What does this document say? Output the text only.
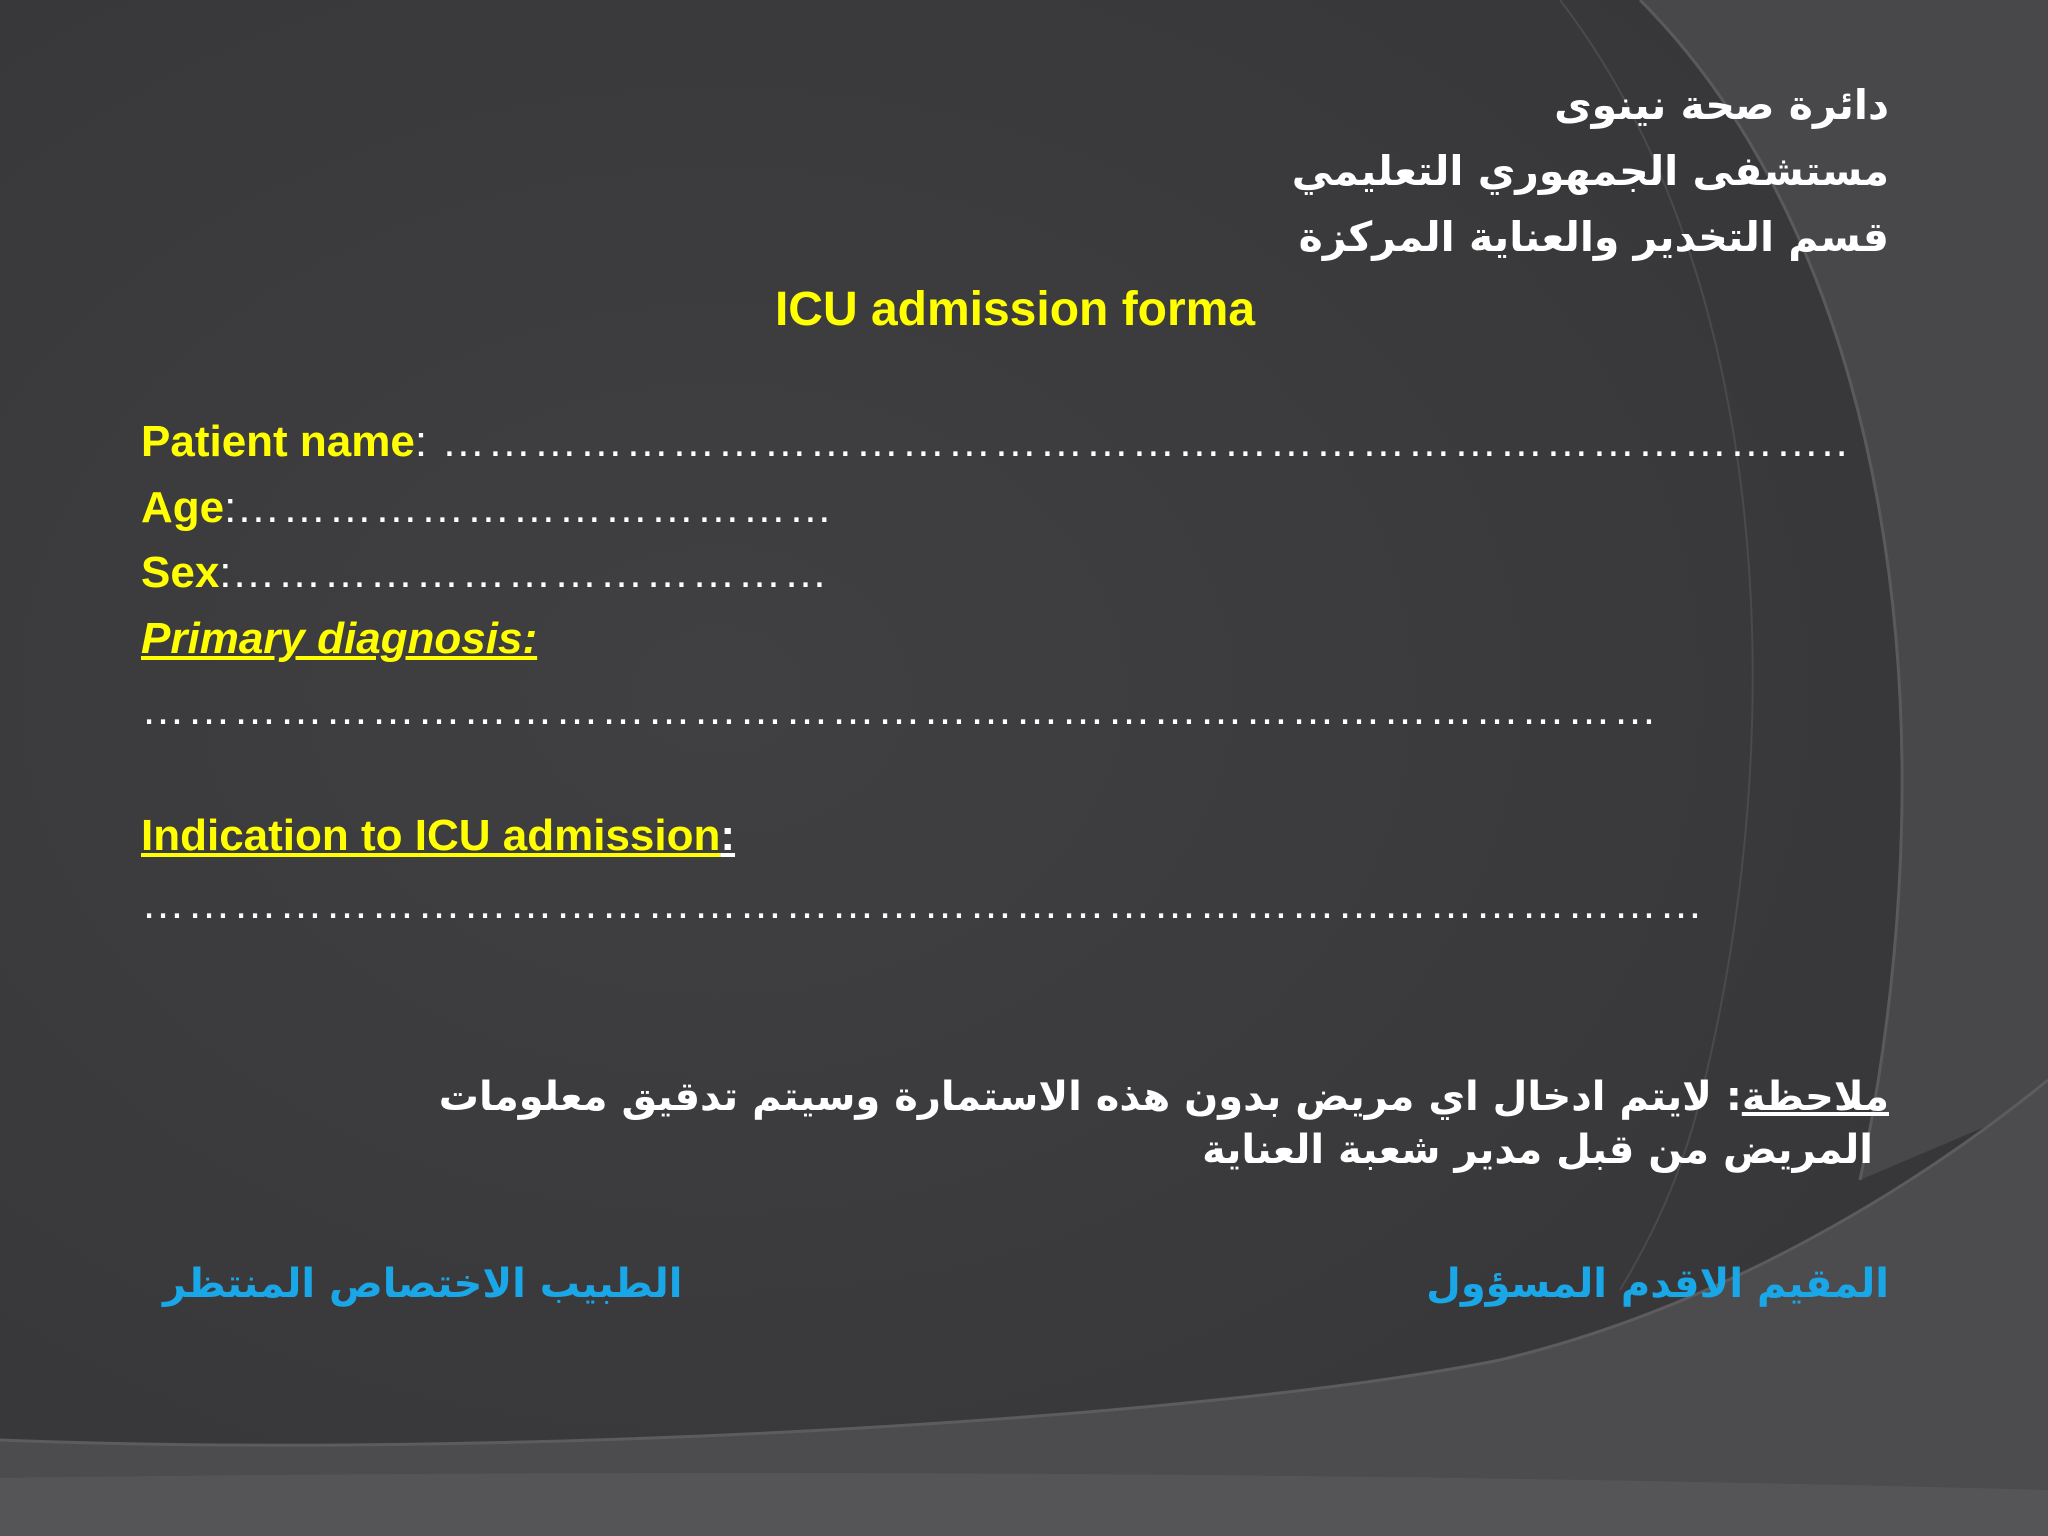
دائرة صحة نينوى
مستشفى الجمهوري التعليمي
قسم التخدير والعناية المركزة
ICU admission forma
Patient name: ………………………………………………………………………………..
Age:…………………………………
Sex:…………………………………
Primary diagnosis:
………………………………………………………………………………………
Indication to ICU admission:
…………………………………………………………………………………………
ملاحظة: لايتم ادخال اي مريض بدون هذه الاستمارة وسيتم تدقيق معلومات
المريض من قبل مدير شعبة العناية
المقيم الاقدم المسؤول
الطبيب الاختصاص المنتظر
